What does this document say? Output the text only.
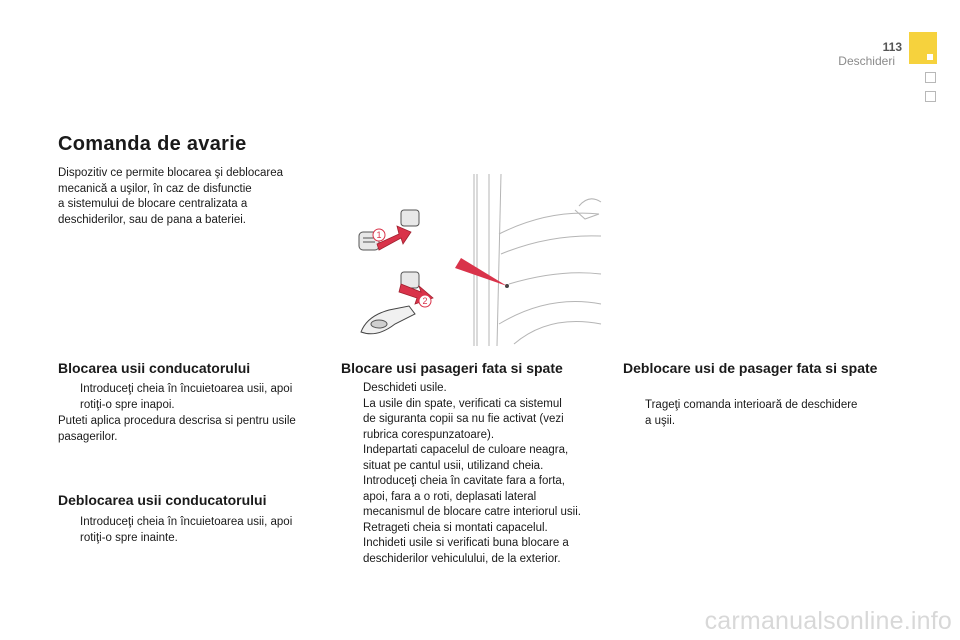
113
Deschideri
Comanda de avarie
Dispozitiv ce permite blocarea şi deblocarea
mecanică a uşilor, în caz de disfunctie
a sistemului de blocare centralizata a
deschiderilor, sau de pana a bateriei.
1
2
Blocarea usii conducatorului
Introduceţi cheia în încuietoarea usii, apoi
rotiţi-o spre inapoi.
Puteti aplica procedura descrisa si pentru usile pasagerilor.
Deblocarea usii conducatorului
Introduceţi cheia în încuietoarea usii, apoi
rotiţi-o spre inainte.
Blocare usi pasageri fata si spate
Deschideti usile.
La usile din spate, verificati ca sistemul
de siguranta copii sa nu fie activat (vezi
rubrica corespunzatoare).
Indepartati capacelul de culoare neagra,
situat pe cantul usii, utilizand cheia.
Introduceţi cheia în cavitate fara a forta,
apoi, fara a o roti, deplasati lateral
mecanismul de blocare catre interiorul usii.
Retrageti cheia si montati capacelul.
Inchideti usile si verificati buna blocare a
deschiderilor vehiculului, de la exterior.
Deblocare usi de pasager fata si spate
Trageţi comanda interioară de deschidere
a uşii.
carmanualsonline.info
